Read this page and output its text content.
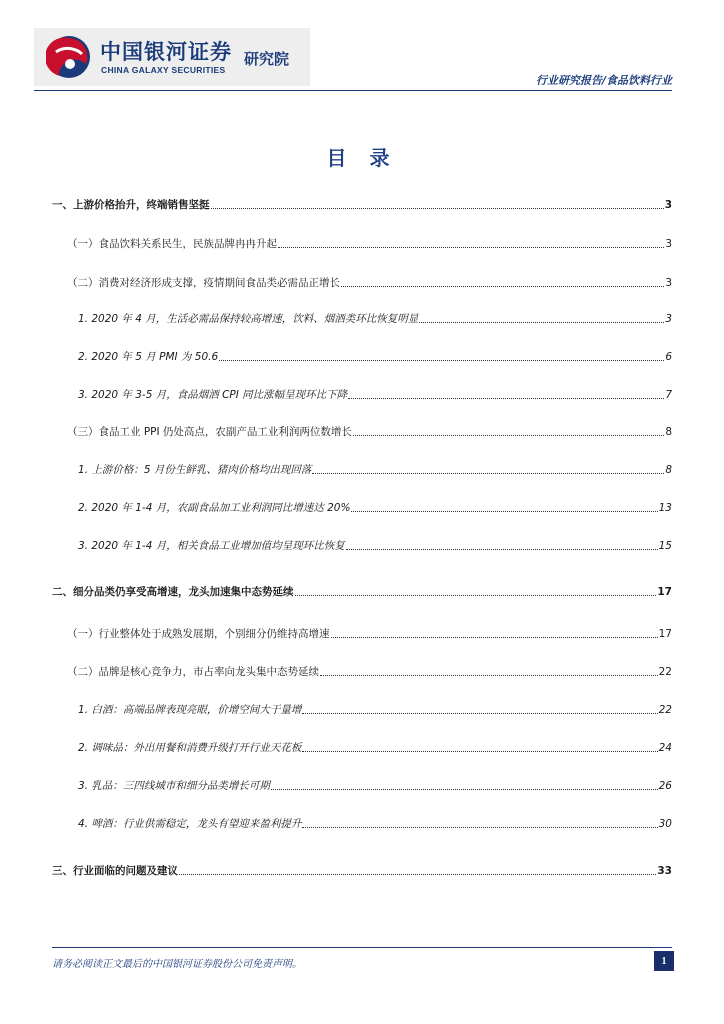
中国银河证券
CHINA GALAXY SECURITIES
研究院
行业研究报告/食品饮料行业
目 录
一、上游价格抬升，终端销售坚挺	3
（一）食品饮料关系民生，民族品牌冉冉升起	3
（二）消费对经济形成支撑，疫情期间食品类必需品正增长	3
1. 2020 年 4 月，生活必需品保持较高增速，饮料、烟酒类环比恢复明显	3
2. 2020 年 5 月 PMI 为 50.6	6
3. 2020 年 3-5 月，食品烟酒 CPI 同比涨幅呈现环比下降	7
（三）食品工业 PPI 仍处高点，农副产品工业利润两位数增长	8
1. 上游价格：5 月份生鲜乳、猪肉价格均出现回落	8
2. 2020 年 1-4 月，农副食品加工业利润同比增速达 20%	13
3. 2020 年 1-4 月，相关食品工业增加值均呈现环比恢复	15
二、细分品类仍享受高增速，龙头加速集中态势延续	17
（一）行业整体处于成熟发展期，个别细分仍维持高增速	17
（二）品牌是核心竞争力，市占率向龙头集中态势延续	22
1. 白酒：高端品牌表现亮眼，价增空间大于量增	22
2. 调味品：外出用餐和消费升级打开行业天花板	24
3. 乳品：三四线城市和细分品类增长可期	26
4. 啤酒：行业供需稳定，龙头有望迎来盈利提升	30
三、行业面临的问题及建议	33
请务必阅读正文最后的中国银河证券股份公司免责声明。	1
